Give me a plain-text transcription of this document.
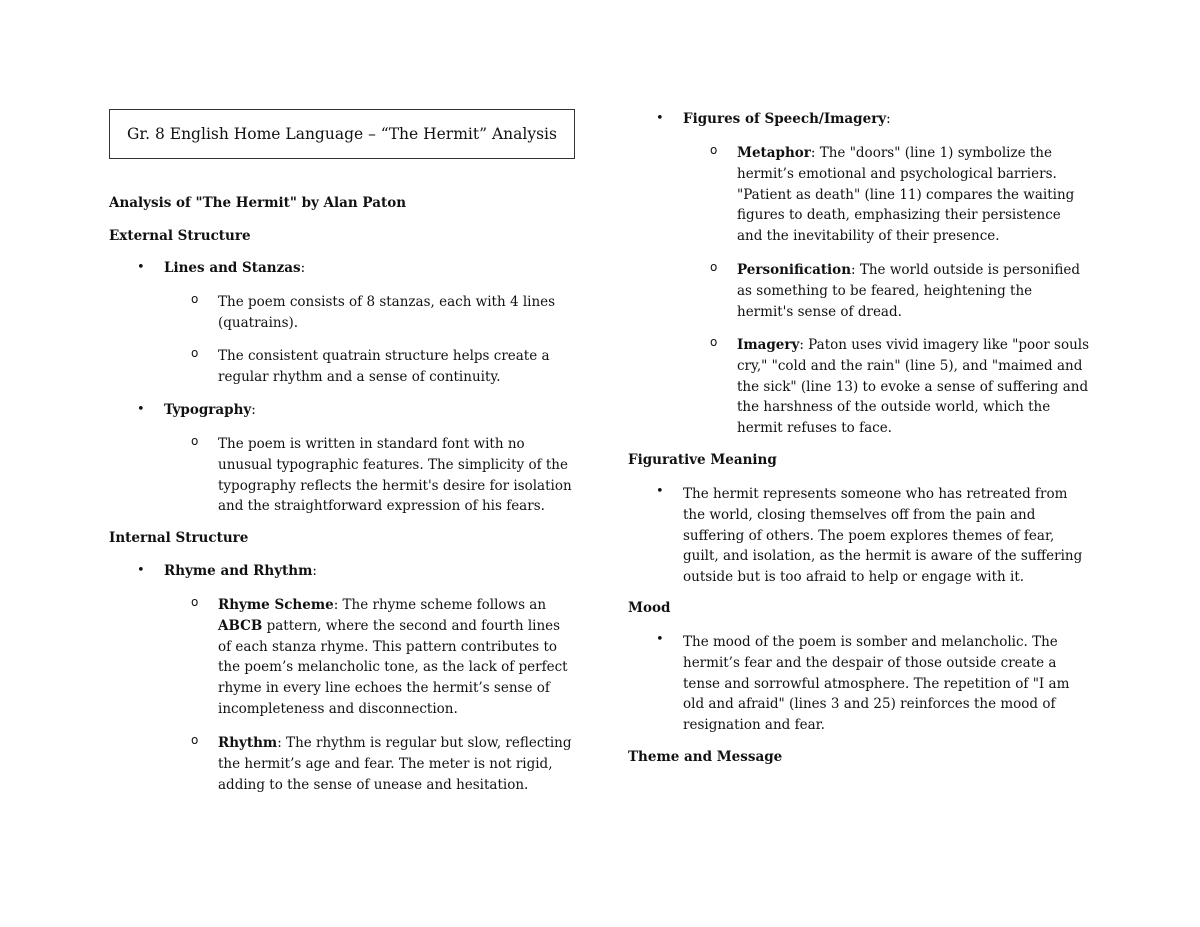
Gr. 8 English Home Language – “The Hermit” Analysis
Analysis of "The Hermit" by Alan Paton
External Structure
• Lines and Stanzas:
o The poem consists of 8 stanzas, each with 4 lines (quatrains).
o The consistent quatrain structure helps create a regular rhythm and a sense of continuity.
• Typography:
o The poem is written in standard font with no unusual typographic features. The simplicity of the typography reflects the hermit's desire for isolation and the straightforward expression of his fears.
Internal Structure
• Rhyme and Rhythm:
o Rhyme Scheme: The rhyme scheme follows an ABCB pattern, where the second and fourth lines of each stanza rhyme. This pattern contributes to the poem’s melancholic tone, as the lack of perfect rhyme in every line echoes the hermit’s sense of incompleteness and disconnection.
o Rhythm: The rhythm is regular but slow, reflecting the hermit’s age and fear. The meter is not rigid, adding to the sense of unease and hesitation.
• Figures of Speech/Imagery:
o Metaphor: The "doors" (line 1) symbolize the hermit’s emotional and psychological barriers. "Patient as death" (line 11) compares the waiting figures to death, emphasizing their persistence and the inevitability of their presence.
o Personification: The world outside is personified as something to be feared, heightening the hermit's sense of dread.
o Imagery: Paton uses vivid imagery like "poor souls cry," "cold and the rain" (line 5), and "maimed and the sick" (line 13) to evoke a sense of suffering and the harshness of the outside world, which the hermit refuses to face.
Figurative Meaning
• The hermit represents someone who has retreated from the world, closing themselves off from the pain and suffering of others. The poem explores themes of fear, guilt, and isolation, as the hermit is aware of the suffering outside but is too afraid to help or engage with it.
Mood
• The mood of the poem is somber and melancholic. The hermit’s fear and the despair of those outside create a tense and sorrowful atmosphere. The repetition of "I am old and afraid" (lines 3 and 25) reinforces the mood of resignation and fear.
Theme and Message
